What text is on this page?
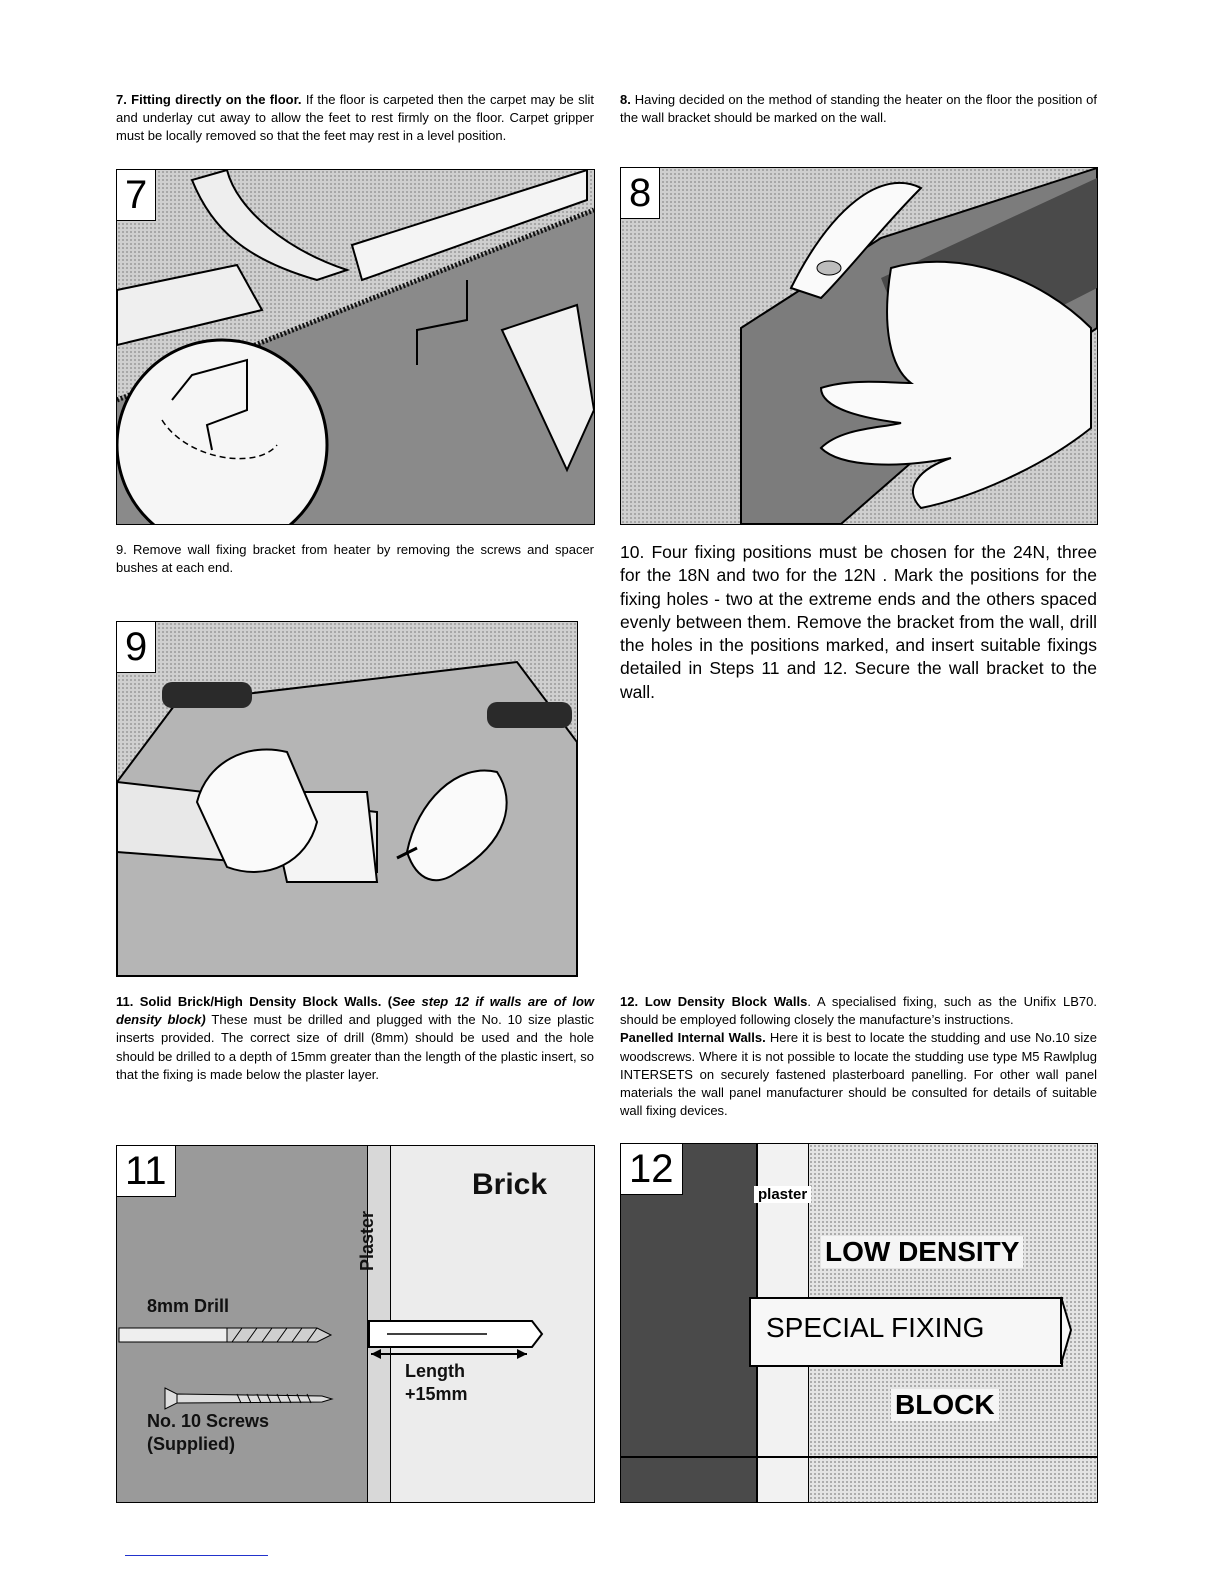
7. Fitting directly on the floor. If the floor is carpeted then the carpet may be slit and underlay cut away to allow the feet to rest firmly on the floor. Carpet gripper must be locally removed so that the feet may rest in a level position.

8. Having decided on the method of standing the heater on the floor the position of the wall bracket should be marked on the wall.

7	8

9. Remove wall fixing bracket from heater by removing the screws and spacer bushes at each end.

10. Four fixing positions must be chosen for the 24N, three for the 18N and two for the 12N . Mark the positions for the fixing holes - two at the extreme ends and the others spaced evenly between them. Remove the bracket from the wall, drill the holes in the positions marked, and insert suitable fixings detailed in Steps 11 and 12. Secure the wall bracket to the wall.

9

11. Solid Brick/High Density Block Walls. (See step 12 if walls are of low density block) These must be drilled and plugged with the No. 10 size plastic inserts provided. The correct size of drill (8mm) should be used and the hole should be drilled to a depth of 15mm greater than the length of the plastic insert, so that the fixing is made below the plaster layer.

12. Low Density Block Walls. A specialised fixing, such as the Unifix LB70. should be employed following closely the manufacture’s instructions.
Panelled Internal Walls. Here it is best to locate the studding and use No.10 size woodscrews. Where it is not possible to locate the studding use type M5 Rawlplug INTERSETS on securely fastened plasterboard panelling. For other wall panel materials the wall panel manufacturer should be consulted for details of suitable wall fixing devices.
11	Brick
Plaster
8mm Drill
Length
+15mm
No. 10 Screws
(Supplied)
12
plaster
LOW DENSITY
SPECIAL FIXING
BLOCK
